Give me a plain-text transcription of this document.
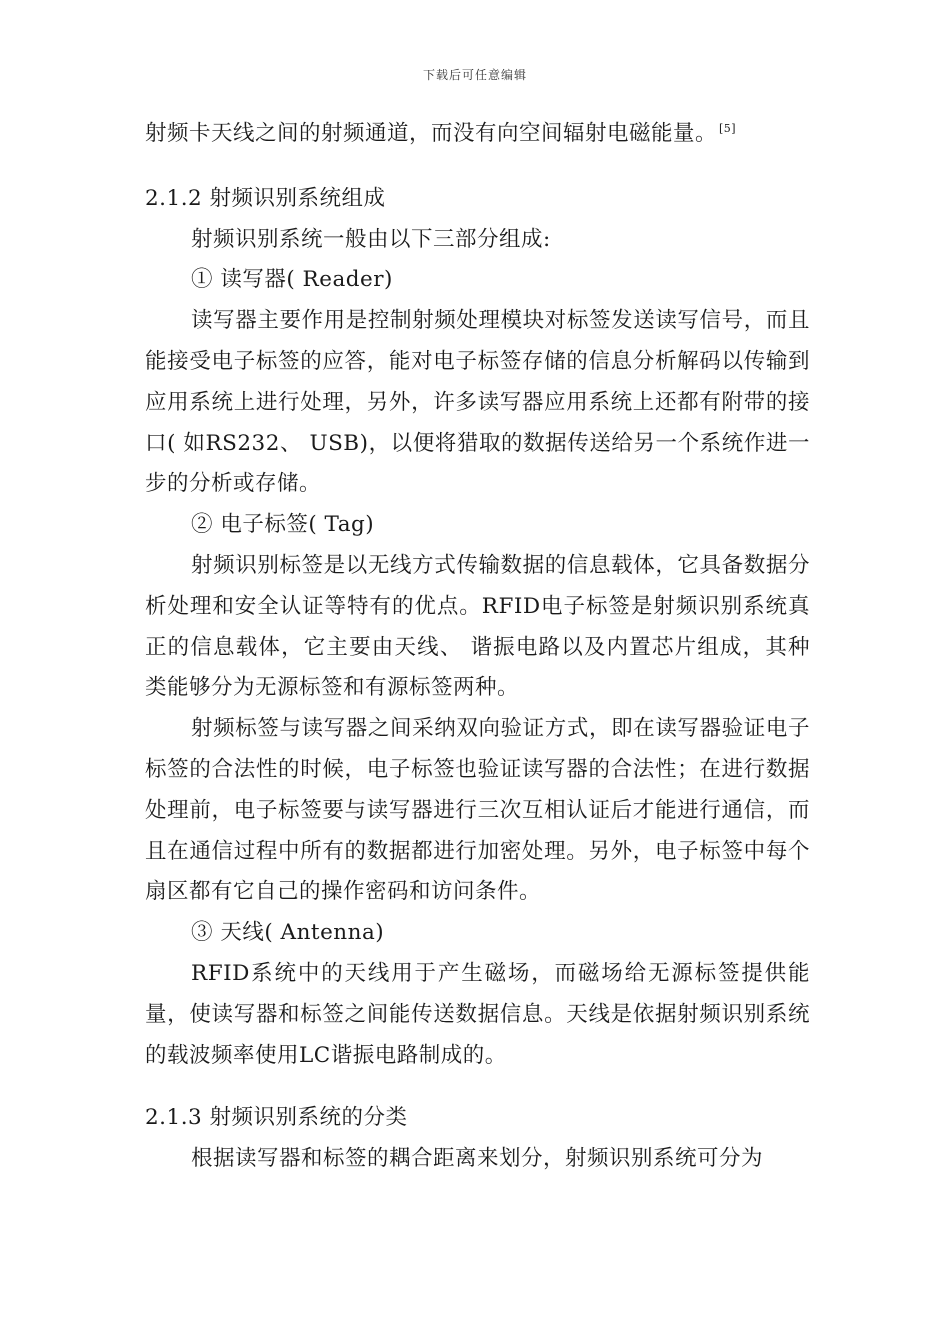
下载后可任意编辑

射频卡天线之间的射频通道，而没有向空间辐射电磁能量。 [5]

2.1.2 射频识别系统组成

射频识别系统一般由以下三部分组成:

① 读写器( Reader)

读写器主要作用是控制射频处理模块对标签发送读写信号，而且能接受电子标签的应答，能对电子标签存储的信息分析解码以传输到应用系统上进行处理，另外，许多读写器应用系统上还都有附带的接口( 如RS232、 USB)，以便将猎取的数据传送给另一个系统作进一步的分析或存储。

② 电子标签( Tag)

射频识别标签是以无线方式传输数据的信息载体，它具备数据分析处理和安全认证等特有的优点。RFID电子标签是射频识别系统真正的信息载体，它主要由天线、 谐振电路以及内置芯片组成，其种类能够分为无源标签和有源标签两种。

射频标签与读写器之间采纳双向验证方式，即在读写器验证电子标签的合法性的时候，电子标签也验证读写器的合法性；在进行数据处理前，电子标签要与读写器进行三次互相认证后才能进行通信，而且在通信过程中所有的数据都进行加密处理。另外，电子标签中每个扇区都有它自己的操作密码和访问条件。

③ 天线( Antenna)

RFID系统中的天线用于产生磁场，而磁场给无源标签提供能量，使读写器和标签之间能传送数据信息。天线是依据射频识别系统的载波频率使用LC谐振电路制成的。

2.1.3 射频识别系统的分类

根据读写器和标签的耦合距离来划分，射频识别系统可分为
